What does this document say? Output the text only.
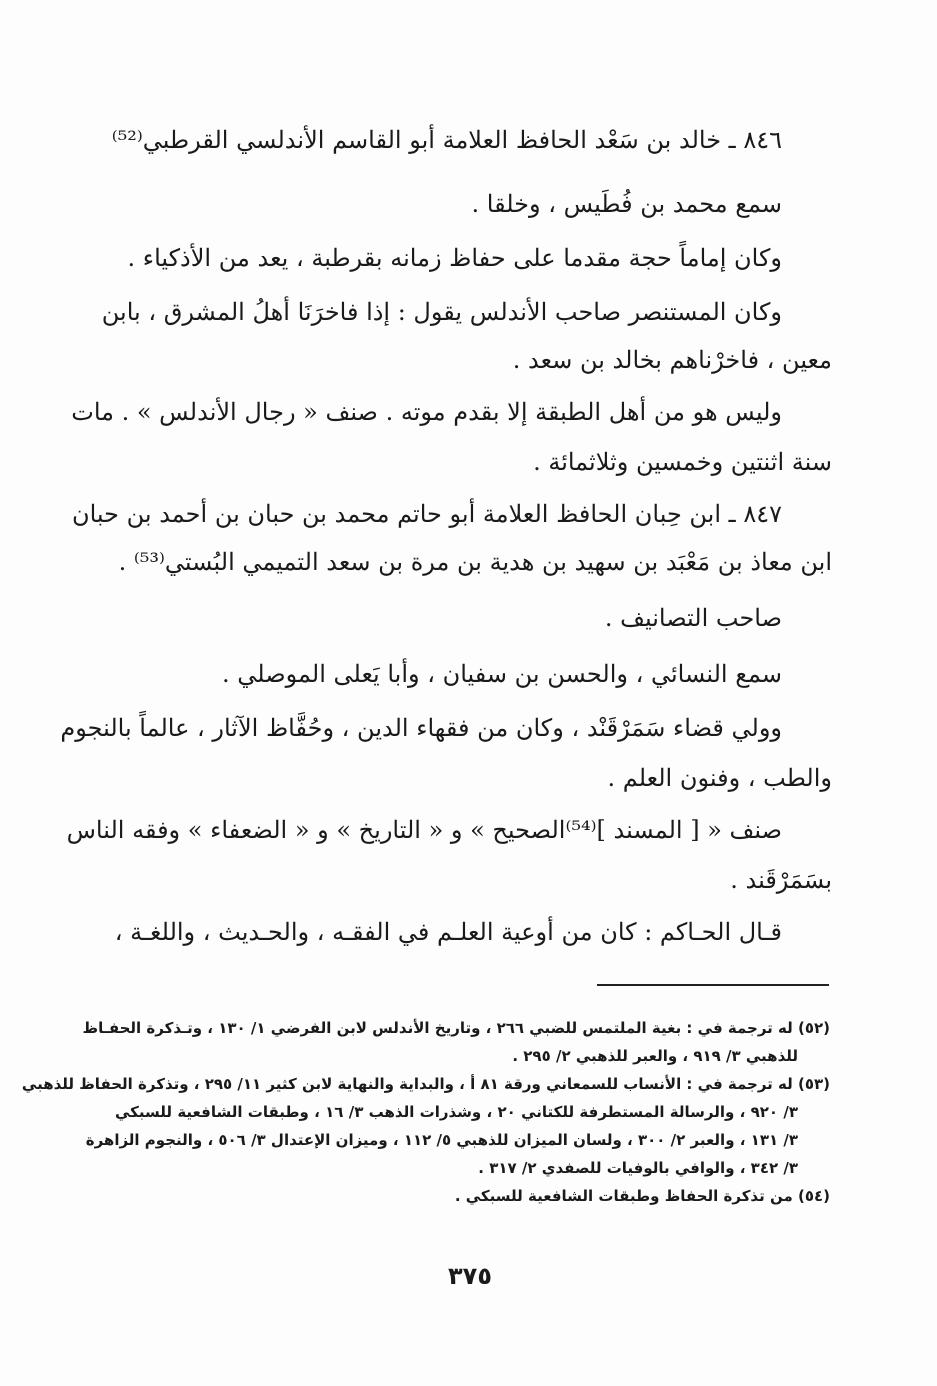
٨٤٦ ـ خالد بن سَعْد الحافظ العلامة أبو القاسم الأندلسي القرطبي⁽⁵²⁾
سمع محمد بن فُطَيس ، وخلقا .
وكان إماماً حجة مقدما على حفاظ زمانه بقرطبة ، يعد من الأذكياء .
وكان المستنصر صاحب الأندلس يقول : إذا فاخرَنَا أهلُ المشرق ، بابن
معين ، فاخرْناهم بخالد بن سعد .
وليس هو من أهل الطبقة إلا بقدم موته . صنف « رجال الأندلس » . مات
سنة اثنتين وخمسين وثلاثمائة .
٨٤٧ ـ ابن حِبان الحافظ العلامة أبو حاتم محمد بن حبان بن أحمد بن حبان
ابن معاذ بن مَعْبَد بن سهيد بن هدية بن مرة بن سعد التميمي البُستي⁽⁵³⁾ .
صاحب التصانيف .
سمع النسائي ، والحسن بن سفيان ، وأبا يَعلى الموصلي .
وولي قضاء سَمَرْقَنْد ، وكان من فقهاء الدين ، وحُفَّاظ الآثار ، عالماً بالنجوم
والطب ، وفنون العلم .
صنف « [ المسند ]⁽⁵⁴⁾الصحيح » و « التاريخ » و « الضعفاء » وفقه الناس
بسَمَرْقَند .
قـال الحـاكم : كان من أوعية العلـم في الفقـه ، والحـديث ، واللغـة ،
(٥٢) له ترجمة في : بغية الملتمس للضبي ٢٦٦ ، وتاريخ الأندلس لابن الفرضي ١/ ١٣٠ ، وتـذكرة الحفـاظ
للذهبي ٣/ ٩١٩ ، والعبر للذهبي ٢/ ٢٩٥ .
(٥٣) له ترجمة في : الأنساب للسمعاني ورقة ٨١ أ ، والبداية والنهاية لابن كثير ١١/ ٢٩٥ ، وتذكرة الحفاظ للذهبي
٣/ ٩٢٠ ، والرسالة المستطرفة للكتاني ٢٠ ، وشذرات الذهب ٣/ ١٦ ، وطبقات الشافعية للسبكي
٣/ ١٣١ ، والعبر ٢/ ٣٠٠ ، ولسان الميزان للذهبي ٥/ ١١٢ ، وميزان الإعتدال ٣/ ٥٠٦ ، والنجوم الزاهرة
٣/ ٣٤٢ ، والوافي بالوفيات للصفدي ٢/ ٣١٧ .
(٥٤) من تذكرة الحفاظ وطبقات الشافعية للسبكي .
٣٧٥
